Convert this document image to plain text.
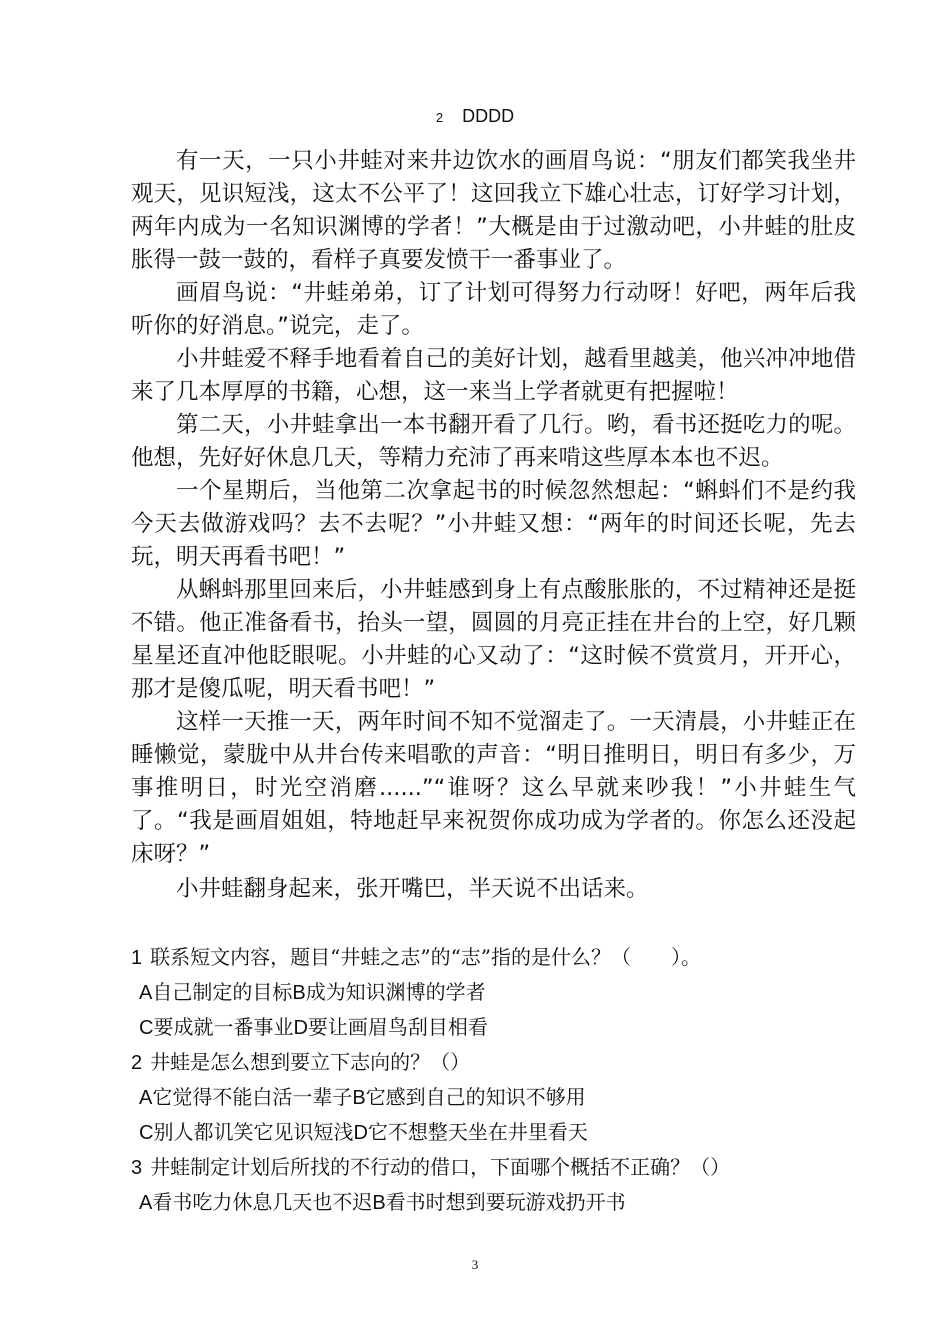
2 DDDD

有一天，一只小井蛙对来井边饮水的画眉鸟说：“朋友们都笑我坐井观天，见识短浅，这太不公平了！这回我立下雄心壮志，订好学习计划，两年内成为一名知识渊博的学者！”大概是由于过激动吧，小井蛙的肚皮胀得一鼓一鼓的，看样子真要发愤干一番事业了。

画眉鸟说：“井蛙弟弟，订了计划可得努力行动呀！好吧，两年后我听你的好消息。”说完，走了。

小井蛙爱不释手地看着自己的美好计划，越看里越美，他兴冲冲地借来了几本厚厚的书籍，心想，这一来当上学者就更有把握啦！

第二天，小井蛙拿出一本书翻开看了几行。哟，看书还挺吃力的呢。他想，先好好休息几天，等精力充沛了再来啃这些厚本本也不迟。

一个星期后，当他第二次拿起书的时候忽然想起：“蝌蚪们不是约我今天去做游戏吗？去不去呢？”小井蛙又想：“两年的时间还长呢，先去玩，明天再看书吧！”

从蝌蚪那里回来后，小井蛙感到身上有点酸胀胀的，不过精神还是挺不错。他正准备看书，抬头一望，圆圆的月亮正挂在井台的上空，好几颗星星还直冲他眨眼呢。小井蛙的心又动了：“这时候不赏赏月，开开心，那才是傻瓜呢，明天看书吧！”

这样一天推一天，两年时间不知不觉溜走了。一天清晨，小井蛙正在睡懒觉，蒙胧中从井台传来唱歌的声音：“明日推明日，明日有多少，万事推明日，时光空消磨......”“谁呀？这么早就来吵我！”小井蛙生气了。“我是画眉姐姐，特地赶早来祝贺你成功成为学者的。你怎么还没起床呀？”

小井蛙翻身起来，张开嘴巴，半天说不出话来。

1 联系短文内容，题目“井蛙之志”的“志”指的是什么？（　　）。

A自己制定的目标B成为知识渊博的学者

C要成就一番事业D要让画眉鸟刮目相看

2 井蛙是怎么想到要立下志向的？（）

A它觉得不能白活一辈子B它感到自己的知识不够用

C别人都讥笑它见识短浅D它不想整天坐在井里看天

3 井蛙制定计划后所找的不行动的借口，下面哪个概括不正确？（）

A看书吃力休息几天也不迟B看书时想到要玩游戏扔开书

3
